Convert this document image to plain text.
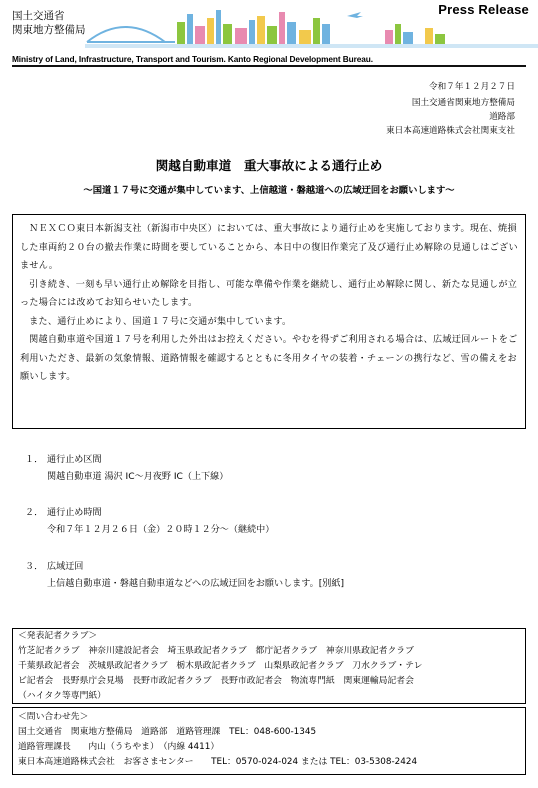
国土交通省
関東地方整備局
Press Release
Ministry of Land, Infrastructure, Transport and Tourism. Kanto Regional Development Bureau.
令和７年１２月２７日
国土交通省関東地方整備局
道路部
東日本高速道路株式会社関東支社
関越自動車道　重大事故による通行止め
～国道１７号に交通が集中しています、上信越道・磐越道への広域迂回をお願いします～

ＮＥＸＣＯ東日本新潟支社（新潟市中央区）においては、重大事故により通行止めを実施しております。現在、焼損した車両約２０台の撤去作業に時間を要していることから、本日中の復旧作業完了及び通行止め解除の見通しはございません。

引き続き、一刻も早い通行止め解除を目指し、可能な準備や作業を継続し、通行止め解除に関し、新たな見通しが立った場合には改めてお知らせいたします。

また、通行止めにより、国道１７号に交通が集中しています。

関越自動車道や国道１７号を利用した外出はお控えください。やむを得ずご利用される場合は、広域迂回ルートをご利用いただき、最新の気象情報、道路情報を確認するとともに冬用タイヤの装着・チェーンの携行など、雪の備えをお願いします。

１． 通行止め区間
関越自動車道 湯沢 IC～月夜野 IC（上下線）
２． 通行止め時間
令和７年１２月２６日（金）２０時１２分～（継続中）
３． 広域迂回
上信越自動車道・磐越自動車道などへの広域迂回をお願いします。[別紙]
＜発表記者クラブ＞
竹芝記者クラブ　神奈川建設記者会　埼玉県政記者クラブ　都庁記者クラブ　神奈川県政記者クラブ
千葉県政記者会　茨城県政記者クラブ　栃木県政記者クラブ　山梨県政記者クラブ　刀水クラブ・テレ
ビ記者会　長野県庁会見場　長野市政記者クラブ　長野市政記者会　物流専門紙　関東運輸局記者会
（ハイタク等専門紙）
＜問い合わせ先＞
国土交通省　関東地方整備局　道路部　道路管理課　TEL：048-600-1345
道路管理課長　　内山（うちやま）　（内線 4411）
東日本高速道路株式会社　お客さまセンター　　TEL：0570-024-024 または TEL：03-5308-2424
